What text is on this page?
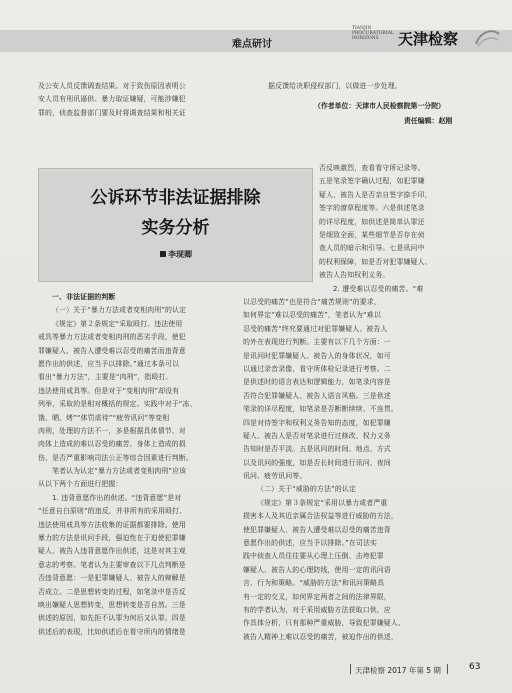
难点研讨
TIANJIN
PROCURATORIAL
HORIZONS	天津检察
及公安人员反馈调查结果。对于致伤原因表明公
安人员有刑讯逼供、暴力取证嫌疑，可能涉嫌犯
罪的，侦查监督部门要及时将调查结果和相关证
据反馈给决职侵权部门，以做进一步处理。
（作者单位：天津市人民检察院第一分院）
责任编辑：赵刚
公诉环节非法证据排除
实务分析
李现卿
一、非法证据的判断
（一）关于“暴力方法或者变相肉刑”的认定
《规定》第２条规定“采取殴打、违法使用
戒具等暴力方法或者变相肉刑的恶劣手段，使犯
罪嫌疑人、被告人遭受难以忍受的痛苦而违背意
愿作出的供述，应当予以排除。”通过本条可以
看出“暴力方法”，主要是“肉刑”，指殴打、
违法使用戒具等。但是对于“变相肉刑”却没有
列举，采取的是相对概括的规定。实践中对于“冻、
饿、晒、烤”“体罚虐待”“疲劳讯问”等变相
肉刑，处理的方法不一，多是根据具体情节、对
肉体上造成的难以忍受的痛苦、身体上造成的损
伤、是否严重影响司法公正等综合因素进行判断。
笔者认为认定“暴力方法或者变相肉刑”应该
从以下两个方面进行把握：
1. 违背意愿作出的供述。“违背意愿”是对
“任意自白原则”的违反，并非所有的采用殴打、
违法使用戒具等方法收集的证据都要排除。使用
暴力的方法是讯问手段，强迫性在于迫使犯罪嫌
疑人、被告人违背意愿作出供述，这是对其主观
意志的考察。笔者认为主要审查以下几点判断是
否违背意愿：一是犯罪嫌疑人、被告人的辩解是
否成立。二是思想转变的过程，如笔录中是否反
映出嫌疑人思想转变，思想转变是否自然。三是
供述的原因，如先拒不认罪为何后又认罪。四是
供述后的表现，比如供述后在看守所内的情绪是
否反映激烈，查看看守所记录等。
五是笔录签字确认过程，如犯罪嫌
疑人、被告人是否亲自签字捺手印，
签字的潦草程度等。六是供述笔录
的详尽程度，如供述是简单认罪还
是细致全面，某些细节是否存在侦
查人员的暗示和引导。七是讯问中
的权利保障，如是否对犯罪嫌疑人、
被告人告知权利义务。
2. 遭受难以忍受的痛苦。“难
以忍受的痛苦”也是符合“痛苦规则”的要求，
如何界定“难以忍受的痛苦”，笔者认为“难以
忍受的痛苦”终究要通过对犯罪嫌疑人、被告人
的外在表现进行判断。主要有以下几个方面：一
是讯问时犯罪嫌疑人、被告人的身体状况，如可
以通过录音录像、看守所体检记录进行考察。二
是供述时的语言表达和逻辑能力，如笔录内容是
否符合犯罪嫌疑人、被告人语言风格。三是供述
笔录的详尽程度，如笔录是否断断续续、不连贯。
四是对待签字和权利义务告知的态度，如犯罪嫌
疑人、被告人是否对笔录进行过修改、权力义务
告知时是否平淡。五是讯问的时间、地点、方式
以及讯问的强度，如是否长时间进行讯问、夜间
讯问、疲劳讯问等。
（二）关于“威胁的方法”的认定
《规定》第３条规定“采用以暴力或者严重
损害本人及其近亲属合法权益等进行威胁的方法，
使犯罪嫌疑人、被告人遭受难以忍受的痛苦违背
意愿作出的供述，应当予以排除。”在司法实
践中侦查人员往往要从心理上压倒、击垮犯罪
嫌疑人、被告人的心理防线，使用一定的讯问语
言、行为和策略。“威胁的方法”和讯问策略具
有一定的交叉，如何界定两者之间的法律界限，
有的学者认为，对于采用威胁方法获取口供，应
作具体分析，只有那种严重威胁，导致犯罪嫌疑人、
被告人精神上难以忍受的痛苦，被迫作出的供述，
天津检察 2017 年第 5 期	63
